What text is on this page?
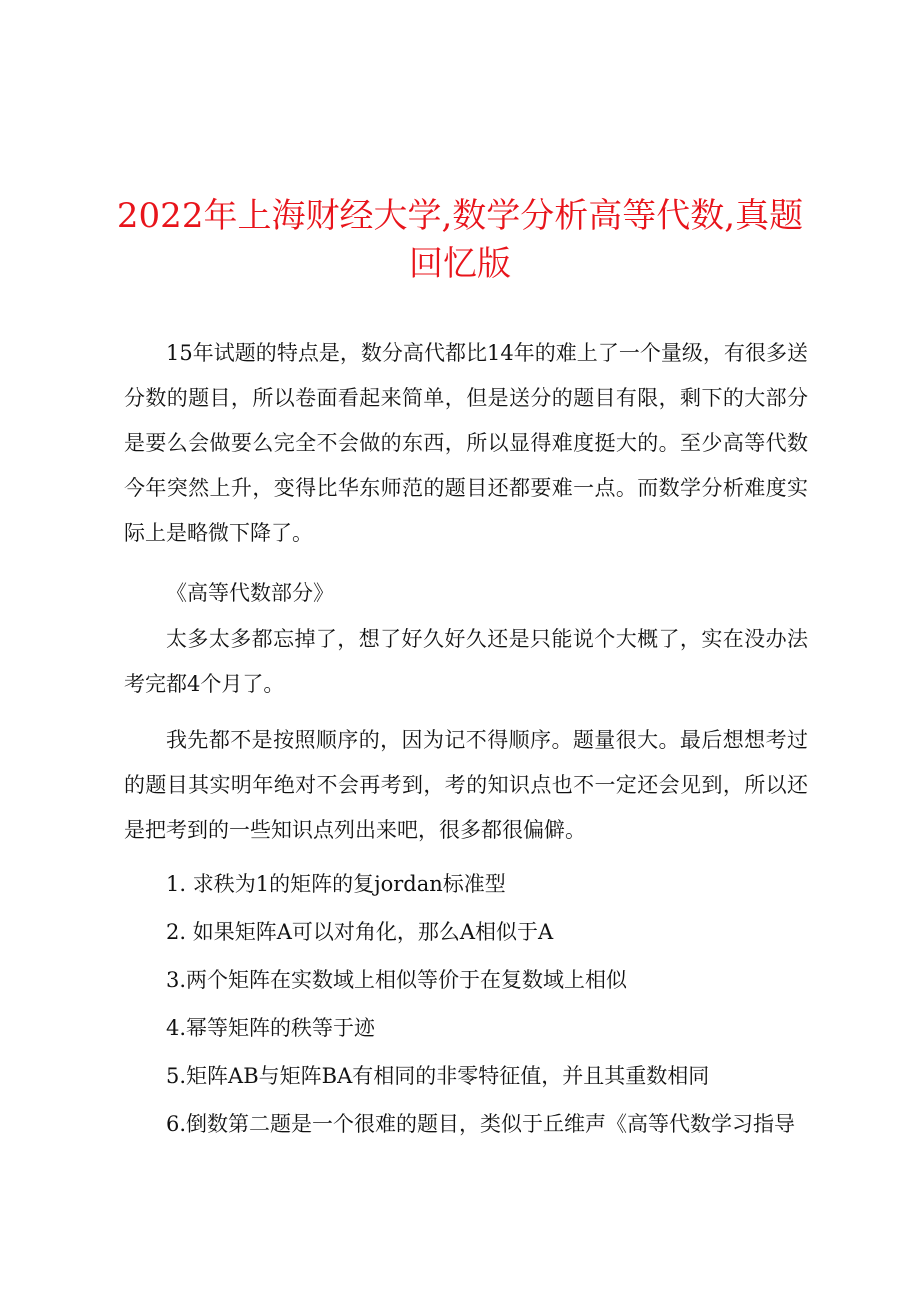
2022年上海财经大学,数学分析高等代数,真题回忆版
15年试题的特点是，数分高代都比14年的难上了一个量级，有很多送分数的题目，所以卷面看起来简单，但是送分的题目有限，剩下的大部分是要么会做要么完全不会做的东西，所以显得难度挺大的。至少高等代数今年突然上升，变得比华东师范的题目还都要难一点。而数学分析难度实际上是略微下降了。
《高等代数部分》
太多太多都忘掉了，想了好久好久还是只能说个大概了，实在没办法考完都4个月了。
我先都不是按照顺序的，因为记不得顺序。题量很大。最后想想考过的题目其实明年绝对不会再考到，考的知识点也不一定还会见到，所以还是把考到的一些知识点列出来吧，很多都很偏僻。
1. 求秩为1的矩阵的复jordan标准型
2. 如果矩阵A可以对角化，那么A相似于A
3.两个矩阵在实数域上相似等价于在复数域上相似
4.幂等矩阵的秩等于迹
5.矩阵AB与矩阵BA有相同的非零特征值，并且其重数相同
6.倒数第二题是一个很难的题目，类似于丘维声《高等代数学习指导
